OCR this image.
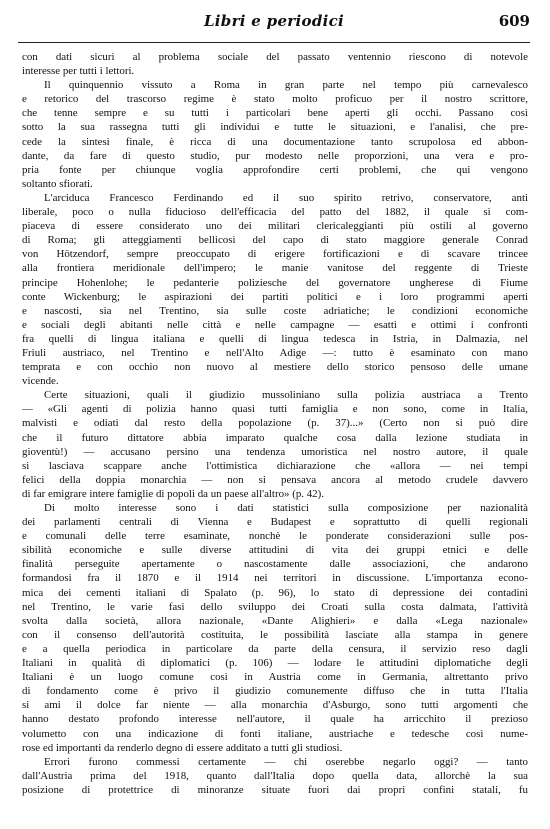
Libri e periodici	609

con dati sicuri al problema sociale del passato ventennio riescono di notevole
interesse per tutti i lettori.

Il quinquennio vissuto a Roma in gran parte nel tempo più carnevalesco
e retorico del trascorso regime è stato molto proficuo per il nostro scrittore,
che tenne sempre e su tutti i particolari bene aperti gli occhi. Passano così
sotto la sua rassegna tutti gli individui e tutte le situazioni, e l'analisi, che pre-
cede la sintesi finale, è ricca di una documentazione tanto scrupolosa ed abbon-
dante, da fare di questo studio, pur modesto nelle proporzioni, una vera e pro-
pria fonte per chiunque voglia approfondire certi problemi, che qui vengono
soltanto sfiorati.

L'arciduca Francesco Ferdinando ed il suo spirito retrivo, conservatore, anti
liberale, poco o nulla fiducioso dell'efficacia del patto del 1882, il quale si com-
piaceva di essere considerato uno dei militari clericaleggianti più ostili al governo
di Roma; gli atteggiamenti bellicosi del capo di stato maggiore generale Conrad
von Hötzendorf, sempre preoccupato di erigere fortificazioni e di scavare trincee
alla frontiera meridionale dell'impero; le manie vanitose del reggente di Trieste
principe Hohenlohe; le pedanterie poliziesche del governatore ungherese di Fiume
conte Wickenburg; le aspirazioni dei partiti politici e i loro programmi aperti
e nascosti, sia nel Trentino, sia sulle coste adriatiche; le condizioni economiche
e sociali degli abitanti nelle città e nelle campagne — esatti e ottimi i confronti
fra quelli di lingua italiana e quelli di lingua tedesca in Istria, in Dalmazia, nel
Friuli austriaco, nel Trentino e nell'Alto Adige —: tutto è esaminato con mano
temprata e con occhio non nuovo al mestiere dello storico pensoso delle umane
vicende.

Certe situazioni, quali il giudizio mussoliniano sulla polizia austriaca a Trento
— «Gli agenti di polizia hanno quasi tutti famiglia e non sono, come in Italia,
malvisti e odiati dal resto della popolazione (p. 37)...» (Certo non si può dire
che il futuro dittatore abbia imparato qualche cosa dalla lezione studiata in
gioventù!) — accusano persino una tendenza umoristica nel nostro autore, il quale
si lasciava scappare anche l'ottimistica dichiarazione che «allora — nei tempi
felici della doppia monarchia — non si pensava ancora al metodo crudele davvero
di far emigrare intere famiglie di popoli da un paese all'altro» (p. 42).

Di molto interesse sono i dati statistici sulla composizione per nazionalità
dei parlamenti centrali di Vienna e Budapest e soprattutto di quelli regionali
e comunali delle terre esaminate, nonchè le ponderate considerazioni sulle pos-
sibilità economiche e sulle diverse attitudini di vita dei gruppi etnici e delle
finalità perseguite apertamente o nascostamente dalle associazioni, che andarono
formandosi fra il 1870 e il 1914 nei territori in discussione. L'importanza econo-
mica dei cementi italiani di Spalato (p. 96), lo stato di depressione dei contadini
nel Trentino, le varie fasi dello sviluppo dei Croati sulla costa dalmata, l'attività
svolta dalla società, allora nazionale, «Dante Alighieri» e dalla «Lega nazionale»
con il consenso dell'autorità costituita, le possibilità lasciate alla stampa in genere
e a quella periodica in particolare da parte della censura, il servizio reso dagli
Italiani in qualità di diplomatici (p. 106) — lodare le attitudini diplomatiche degli
Italiani è un luogo comune così in Austria come in Germania, altrettanto privo
di fondamento come è privo il giudizio comunemente diffuso che in tutta l'Italia
si ami il dolce far niente — alla monarchia d'Asburgo, sono tutti argomenti che
hanno destato profondo interesse nell'autore, il quale ha arricchito il prezioso
volumetto con una indicazione di fonti italiane, austriache e tedesche così nume-
rose ed importanti da renderlo degno di essere additato a tutti gli studiosi.

Errori furono commessi certamente — chi oserebbe negarlo oggi? — tanto
dall'Austria prima del 1918, quanto dall'Italia dopo quella data, allorchè la sua
posizione di protettrice di minoranze situate fuori dai propri confini statali, fu
